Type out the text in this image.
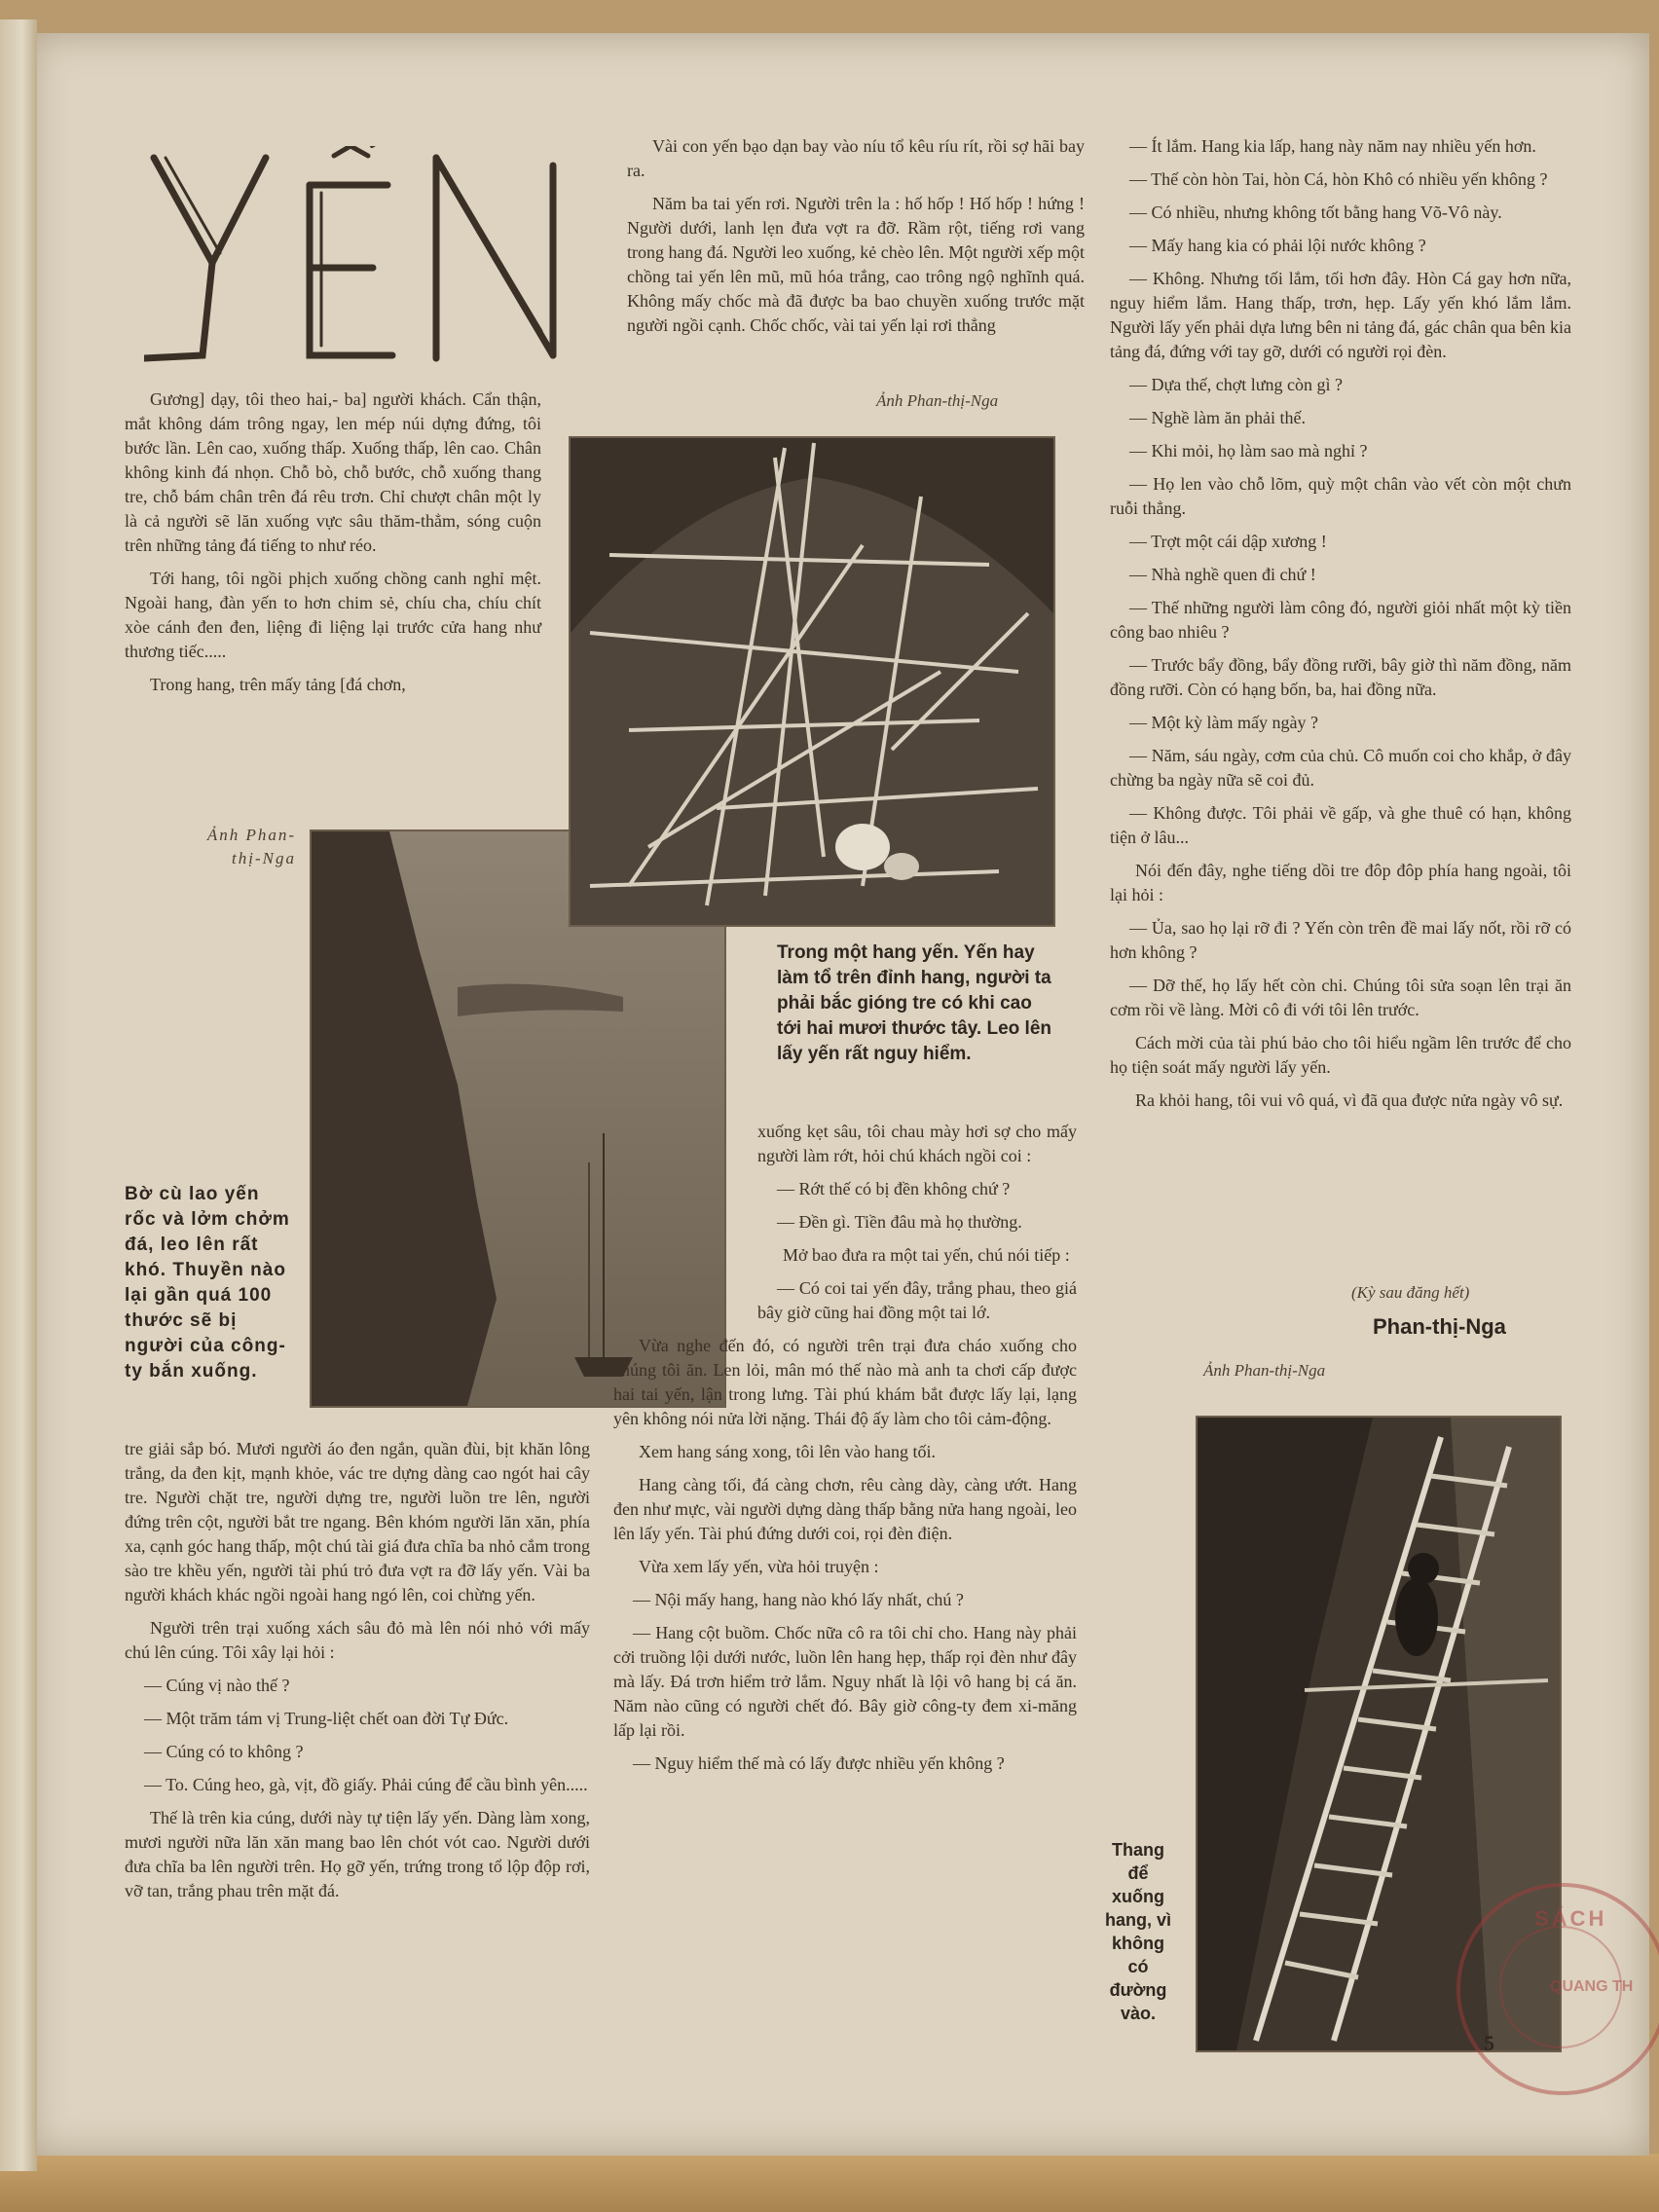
Gương] dạy, tôi theo hai,- ba] người khách. Cẩn thận, mắt không dám trông ngay, len mép núi dựng đứng, tôi bước lần. Lên cao, xuống thấp. Xuống thấp, lên cao. Chân không kinh đá nhọn. Chỗ bò, chỗ bước, chỗ xuống thang tre, chỗ bám chân trên đá rêu trơn. Chỉ chượt chân một ly là cả người sẽ lăn xuống vực sâu thăm-thẳm, sóng cuộn trên những tảng đá tiếng to như réo.

Tới hang, tôi ngồi phịch xuống chồng canh nghỉ mệt. Ngoài hang, đàn yến to hơn chim sẻ, chíu cha, chíu chít xòe cánh đen đen, liệng đi liệng lại trước cửa hang như thương tiếc.....

Trong hang, trên mấy tảng [đá chơn,

Ảnh Phan-thị-Nga
Bờ cù lao yến rốc và lởm chởm đá, leo lên rất khó. Thuyền nào lại gần quá 100 thước sẽ bị người của công-ty bắn xuống.

tre giải sắp bó. Mươi người áo đen ngắn, quần đùi, bịt khăn lông trắng, da đen kịt, mạnh khỏe, vác tre dựng dàng cao ngót hai cây tre. Người chặt tre, người dựng tre, người luồn tre lên, người đứng trên cột, người bắt tre ngang. Bên khóm người lăn xăn, phía xa, cạnh góc hang thấp, một chú tài giá đưa chĩa ba nhỏ cắm trong sào tre khều yến, người tài phú trỏ đưa vợt ra đỡ lấy yến. Vài ba người khách khác ngồi ngoài hang ngó lên, coi chừng yến.

Người trên trại xuống xách sâu đỏ mà lên nói nhỏ với mấy chú lên cúng. Tôi xây lại hỏi :

— Cúng vị nào thế ?

— Một trăm tám vị Trung-liệt chết oan đời Tự Đức.

— Cúng có to không ?

— To. Cúng heo, gà, vịt, đồ giấy. Phải cúng để cầu bình yên.....

Thế là trên kia cúng, dưới này tự tiện lấy yến. Dàng làm xong, mươi người nữa lăn xăn mang bao lên chót vót cao. Người dưới đưa chĩa ba lên người trên. Họ gỡ yến, trứng trong tổ lộp độp rơi, vỡ tan, trắng phau trên mặt đá.

Vài con yến bạo dạn bay vào níu tổ kêu ríu rít, rồi sợ hãi bay ra.

Năm ba tai yến rơi. Người trên la : hố hốp ! Hố hốp ! hứng ! Người dưới, lanh lẹn đưa vợt ra đỡ. Rầm rột, tiếng rơi vang trong hang đá. Người leo xuống, kẻ chèo lên. Một người xếp một chồng tai yến lên mũ, mũ hóa trắng, cao trông ngộ nghĩnh quá. Không mấy chốc mà đã được ba bao chuyền xuống trước mặt người ngồi cạnh. Chốc chốc, vài tai yến lại rơi thẳng

Ảnh Phan-thị-Nga
Trong một hang yến. Yến hay làm tổ trên đỉnh hang, người ta phải bắc gióng tre có khi cao tới hai mươi thước tây. Leo lên lấy yến rất nguy hiểm.

xuống kẹt sâu, tôi chau mày hơi sợ cho mấy người làm rớt, hỏi chú khách ngồi coi :

— Rớt thế có bị đền không chứ ?

— Đền gì. Tiền đâu mà họ thường.

Mở bao đưa ra một tai yến, chú nói tiếp :

— Có coi tai yến đây, trắng phau, theo giá bây giờ cũng hai đồng một tai lớ.

Vừa nghe đến đó, có người trên trại đưa cháo xuống cho chúng tôi ăn. Len lỏi, mân mó thế nào mà anh ta chơi cấp được hai tai yến, lận trong lưng. Tài phú khám bắt được lấy lại, lạng yên không nói nửa lời nặng. Thái độ ấy làm cho tôi cảm-động.

Xem hang sáng xong, tôi lên vào hang tối.

Hang càng tối, đá càng chơn, rêu càng dày, càng ướt. Hang đen như mực, vài người dựng dàng thấp bằng nửa hang ngoài, leo lên lấy yến. Tài phú đứng dưới coi, rọi đèn điện.

Vừa xem lấy yến, vừa hỏi truyện :

— Nội mấy hang, hang nào khó lấy nhất, chú ?

— Hang cột buồm. Chốc nữa cô ra tôi chỉ cho. Hang này phải cởi truồng lội dưới nước, luồn lên hang hẹp, thấp rọi đèn như đây mà lấy. Đá trơn hiểm trở lắm. Nguy nhất là lội vô hang bị cá ăn. Năm nào cũng có người chết đó. Bây giờ công-ty đem xi-măng lấp lại rồi.

— Nguy hiểm thế mà có lấy được nhiều yến không ?

— Ít lắm. Hang kia lấp, hang này năm nay nhiều yến hơn.

— Thế còn hòn Tai, hòn Cá, hòn Khô có nhiều yến không ?

— Có nhiều, nhưng không tốt bằng hang Võ-Vô này.

— Mấy hang kia có phải lội nước không ?

— Không. Nhưng tối lắm, tối hơn đây. Hòn Cá gay hơn nữa, nguy hiểm lắm. Hang thấp, trơn, hẹp. Lấy yến khó lắm lắm. Người lấy yến phải dựa lưng bên ni tảng đá, gác chân qua bên kia tảng đá, đứng với tay gỡ, dưới có người rọi đèn.

— Dựa thế, chợt lưng còn gì ?

— Nghề làm ăn phải thế.

— Khi mỏi, họ làm sao mà nghỉ ?

— Họ len vào chỗ lõm, quỳ một chân vào vết còn một chưn ruỗi thẳng.

— Trợt một cái dập xương !

— Nhà nghề quen đi chứ !

— Thế những người làm công đó, người giỏi nhất một kỳ tiền công bao nhiêu ?

— Trước bẩy đồng, bẩy đồng rưỡi, bây giờ thì năm đồng, năm đồng rưỡi. Còn có hạng bốn, ba, hai đồng nữa.

— Một kỳ làm mấy ngày ?

— Năm, sáu ngày, cơm của chủ. Cô muốn coi cho khắp, ở đây chừng ba ngày nữa sẽ coi đủ.

— Không được. Tôi phải về gấp, và ghe thuê có hạn, không tiện ở lâu...

Nói đến đây, nghe tiếng dồi tre đôp đôp phía hang ngoài, tôi lại hỏi :

— Ủa, sao họ lại rỡ đi ? Yến còn trên đề mai lấy nốt, rồi rỡ có hơn không ?

— Dỡ thế, họ lấy hết còn chi. Chúng tôi sửa soạn lên trại ăn cơm rồi về làng. Mời cô đi với tôi lên trước.

Cách mời của tài phú bảo cho tôi hiểu ngầm lên trước để cho họ tiện soát mấy người lấy yến.

Ra khỏi hang, tôi vui vô quá, vì đã qua được nửa ngày vô sự.

(Kỳ sau đăng hết)
Phan-thị-Nga
Ảnh Phan-thị-Nga
Thang để xuống hang, vì không có đường vào.
SÁCH
QUANG TH
5
